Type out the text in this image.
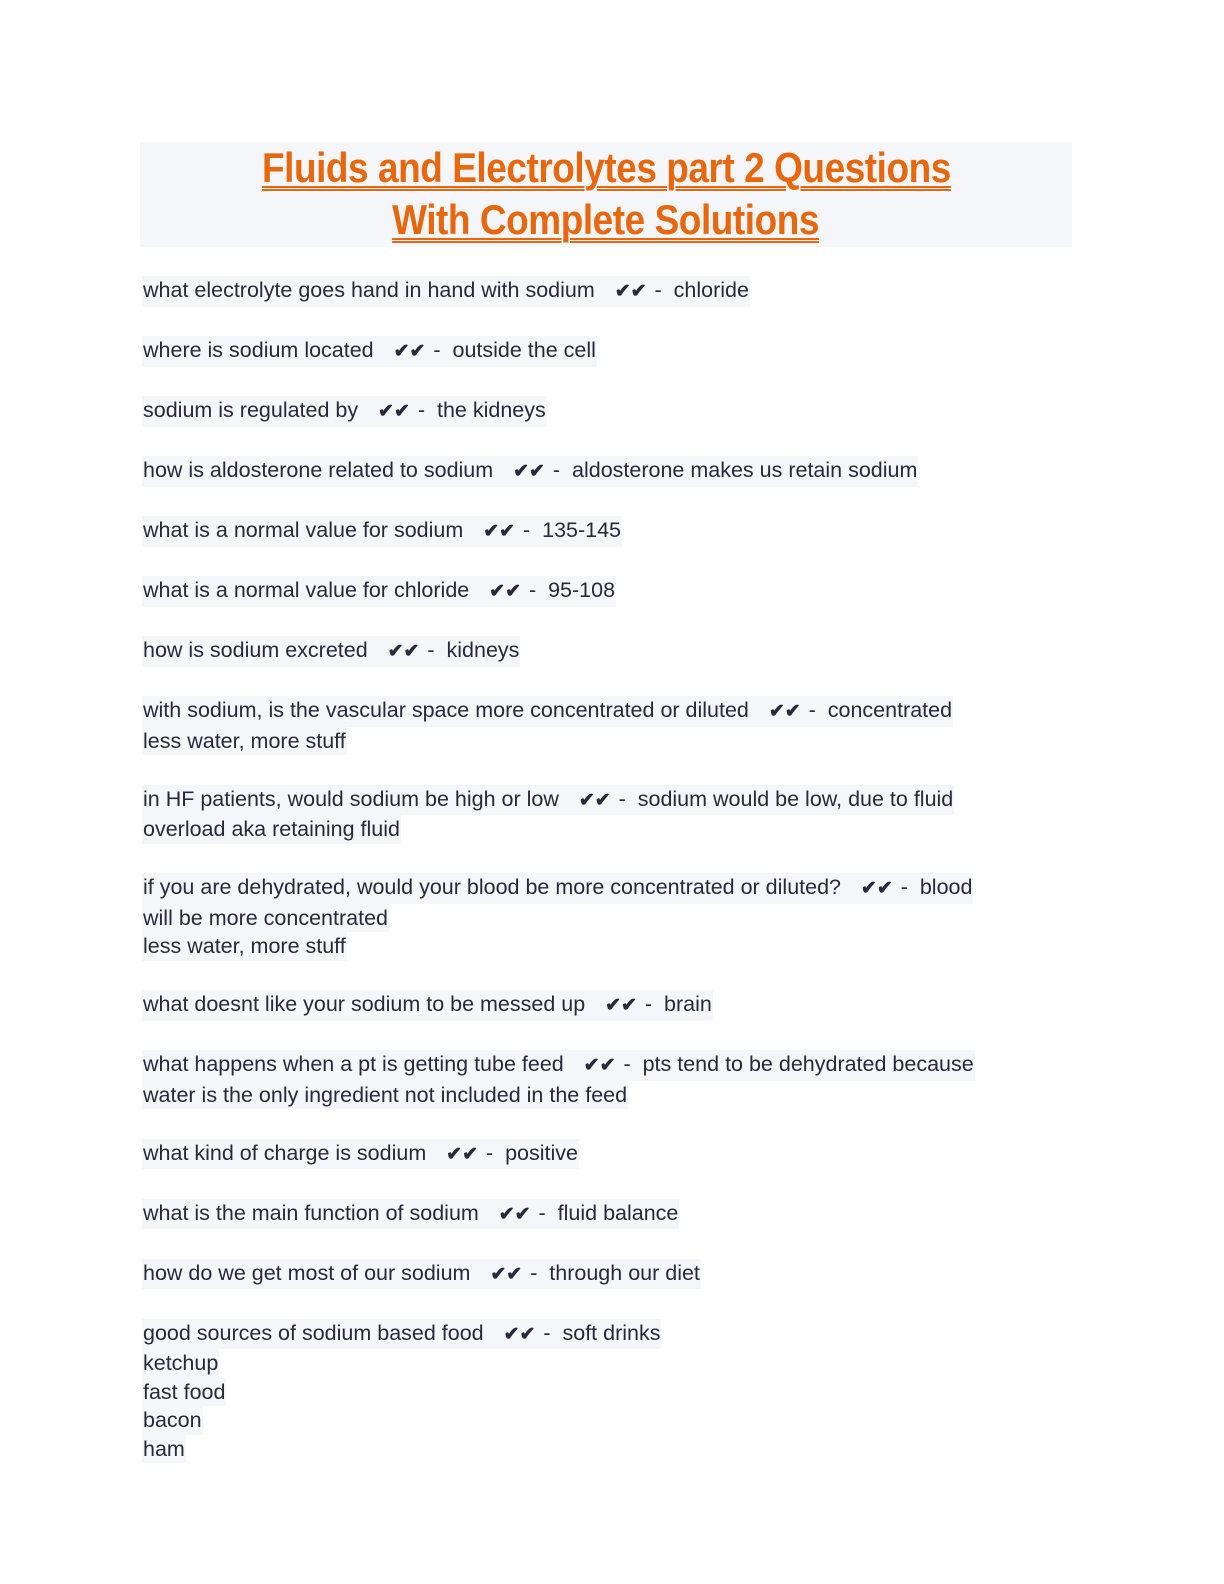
Fluids and Electrolytes part 2 Questions
With Complete Solutions
what electrolyte goes hand in hand with sodium   ✔✔ -  chloride
where is sodium located   ✔✔ -  outside the cell
sodium is regulated by   ✔✔ -  the kidneys
how is aldosterone related to sodium   ✔✔ -  aldosterone makes us retain sodium
what is a normal value for sodium   ✔✔ -  135-145
what is a normal value for chloride   ✔✔ -  95-108
how is sodium excreted   ✔✔ -  kidneys
with sodium, is the vascular space more concentrated or diluted   ✔✔ -  concentrated
less water, more stuff
in HF patients, would sodium be high or low   ✔✔ -  sodium would be low, due to fluid
overload aka retaining fluid
if you are dehydrated, would your blood be more concentrated or diluted?   ✔✔ -  blood
will be more concentrated
less water, more stuff
what doesnt like your sodium to be messed up   ✔✔ -  brain
what happens when a pt is getting tube feed   ✔✔ -  pts tend to be dehydrated because
water is the only ingredient not included in the feed
what kind of charge is sodium   ✔✔ -  positive
what is the main function of sodium   ✔✔ -  fluid balance
how do we get most of our sodium   ✔✔ -  through our diet
good sources of sodium based food   ✔✔ -  soft drinks
ketchup
fast food
bacon
ham
